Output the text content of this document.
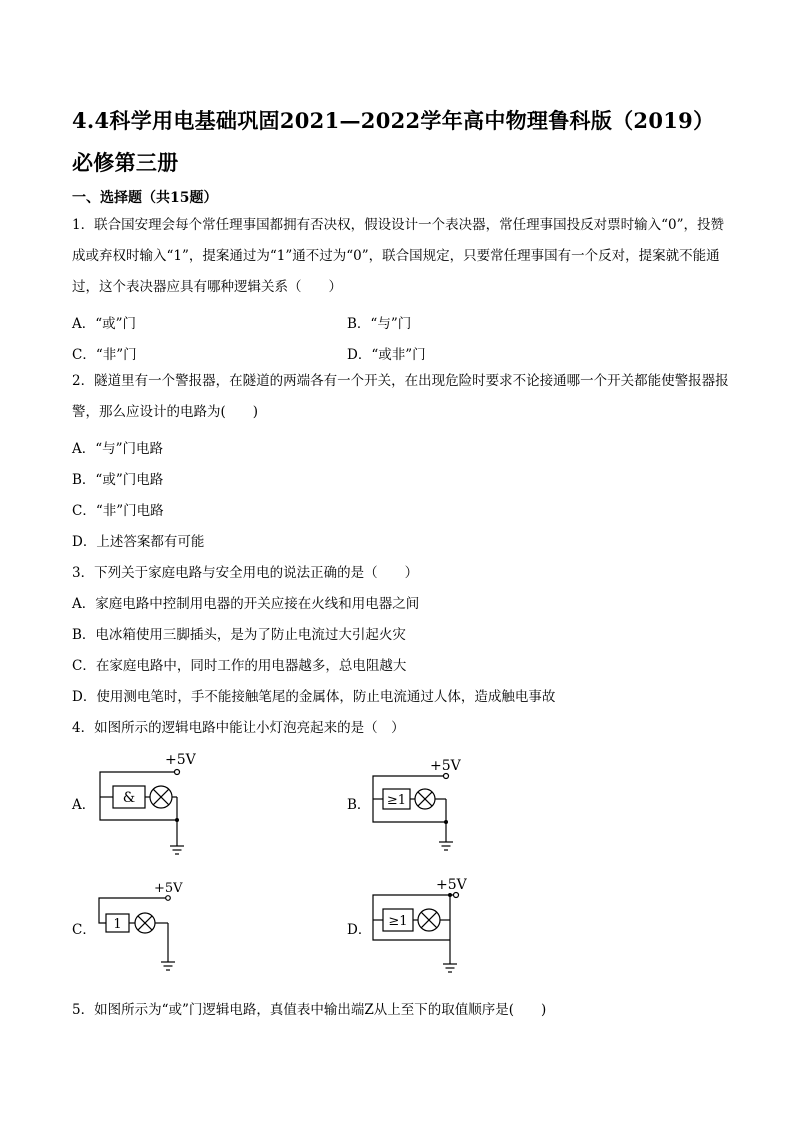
4.4科学用电基础巩固2021—2022学年高中物理鲁科版（2019）必修第三册
一、选择题（共15题）
1．联合国安理会每个常任理事国都拥有否决权，假设设计一个表决器，常任理事国投反对票时输入“0”，投赞成或弃权时输入“1”，提案通过为“1”通不过为“0”，联合国规定，只要常任理事国有一个反对，提案就不能通过，这个表决器应具有哪种逻辑关系（　　）
A．“或”门	B．“与”门
C．“非”门	D．“或非”门
2．隧道里有一个警报器，在隧道的两端各有一个开关，在出现危险时要求不论接通哪一个开关都能使警报器报警，那么应设计的电路为(　　)
A．“与”门电路
B．“或”门电路
C．“非”门电路
D．上述答案都有可能
3．下列关于家庭电路与安全用电的说法正确的是（　　）
A．家庭电路中控制用电器的开关应接在火线和用电器之间
B．电冰箱使用三脚插头，是为了防止电流过大引起火灾
C．在家庭电路中，同时工作的用电器越多，总电阻越大
D．使用测电笔时，手不能接触笔尾的金属体，防止电流通过人体，造成触电事故
4．如图所示的逻辑电路中能让小灯泡亮起来的是（　）
A．
+5V
&	B．
+5V
≥1
C．
+5V
1	D．
+5V
≥1
5．如图所示为“或”门逻辑电路，真值表中输出端Z从上至下的取值顺序是(　　)
